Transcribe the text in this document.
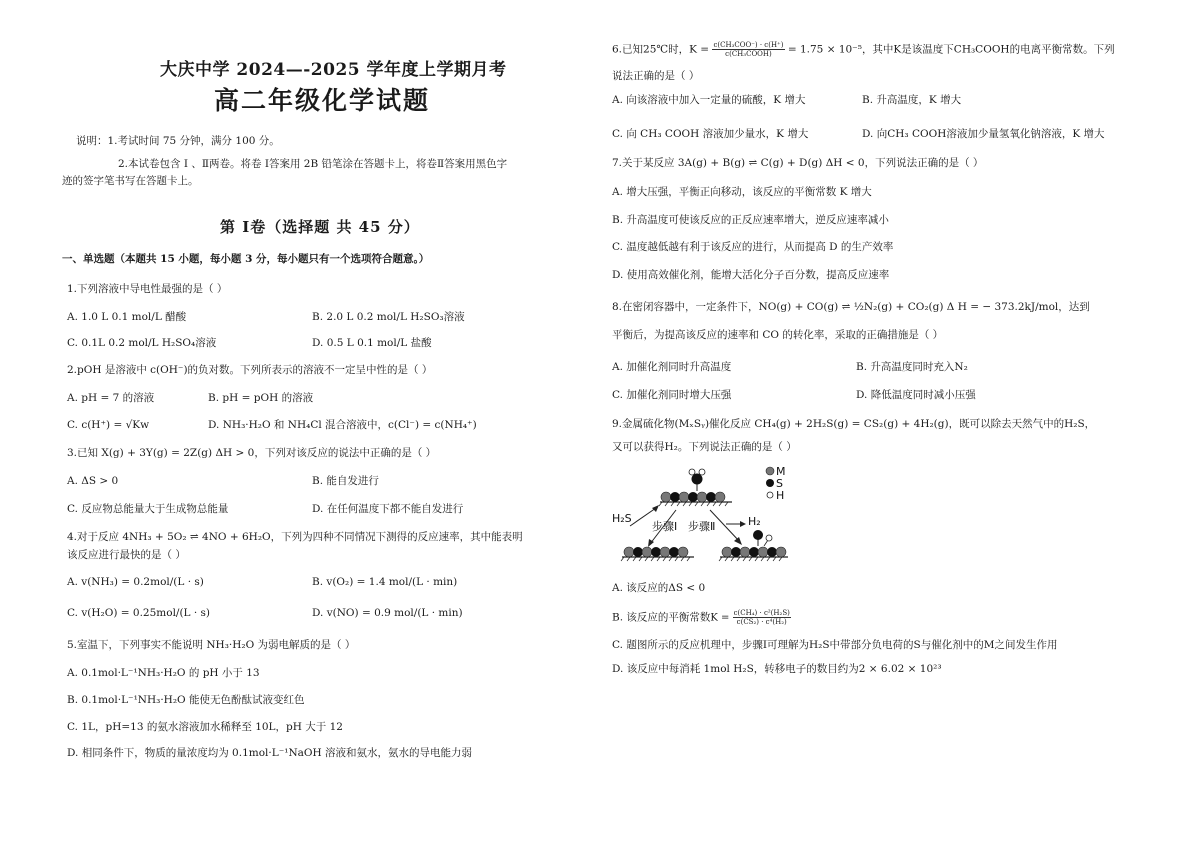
大庆中学 2024—-2025 学年度上学期月考
高二年级化学试题
说明：1.考试时间 75 分钟，满分 100 分。
2.本试卷包含 Ⅰ 、Ⅱ两卷。将卷 Ⅰ答案用 2B 铅笔涂在答题卡上，将卷Ⅱ答案用黑色字
迹的签字笔书写在答题卡上。
第 Ⅰ卷（选择题 共 45 分）
一、单选题（本题共 15 小题，每小题 3 分，每小题只有一个选项符合题意。）
1.下列溶液中导电性最强的是（ ）
A. 1.0 L 0.1 mol/L 醋酸	B. 2.0 L 0.2 mol/L H₂SO₃溶液
C. 0.1L 0.2 mol/L H₂SO₄溶液	D. 0.5 L 0.1 mol/L 盐酸
2.pOH 是溶液中 c(OH⁻)的负对数。下列所表示的溶液不一定呈中性的是（ ）
A. pH = 7 的溶液	B. pH = pOH 的溶液
C. c(H⁺) = √Kw	D. NH₃·H₂O 和 NH₄Cl 混合溶液中，c(Cl⁻) = c(NH₄⁺)
3.已知 X(g) + 3Y(g) = 2Z(g) ΔH > 0，下列对该反应的说法中正确的是（ ）
A. ΔS > 0	B. 能自发进行
C. 反应物总能量大于生成物总能量	D. 在任何温度下都不能自发进行
4.对于反应 4NH₃ + 5O₂ ⇌ 4NO + 6H₂O，下列为四种不同情况下测得的反应速率，其中能表明
该反应进行最快的是（ ）
A. v(NH₃) = 0.2mol/(L · s)	B. v(O₂) = 1.4 mol/(L · min)
C. v(H₂O) = 0.25mol/(L · s)	D. v(NO) = 0.9 mol/(L · min)
5.室温下，下列事实不能说明 NH₃·H₂O 为弱电解质的是（ ）
A. 0.1mol·L⁻¹NH₃·H₂O 的 pH 小于 13
B. 0.1mol·L⁻¹NH₃·H₂O 能使无色酚酞试液变红色
C. 1L，pH=13 的氨水溶液加水稀释至 10L，pH 大于 12
D. 相同条件下，物质的量浓度均为 0.1mol·L⁻¹NaOH 溶液和氨水，氨水的导电能力弱
6.已知25℃时，$K = \frac{\text{c(CH₃COO⁻) · c(H⁺)}}{\text{c(CH₃COOH)}} = 1.75 \times 10^{-5}$，其中K是该温度下CH₃COOH的电离平衡常数。下列
说法正确的是（ ）
A. 向该溶液中加入一定量的硫酸，K 增大	B. 升高温度，K 增大
C. 向 CH₃ COOH 溶液加少量水，K 增大	D. 向CH₃ COOH溶液加少量氢氧化钠溶液，K 增大
7.关于某反应 3A(g) + B(g) ⇌ C(g) + D(g) ΔH < 0，下列说法正确的是（ ）
A. 增大压强，平衡正向移动，该反应的平衡常数 K 增大
B. 升高温度可使该反应的正反应速率增大，逆反应速率减小
C. 温度越低越有利于该反应的进行，从而提高 D 的生产效率
D. 使用高效催化剂，能增大活化分子百分数，提高反应速率
8.在密闭容器中，一定条件下，NO(g) + CO(g) ⇌ ½N₂(g) + CO₂(g) Δ H = − 373.2kJ/mol，达到
平衡后，为提高该反应的速率和 CO 的转化率，采取的正确措施是（ ）
A. 加催化剂同时升高温度	B. 升高温度同时充入N₂
C. 加催化剂同时增大压强	D. 降低温度同时减小压强
9.金属硫化物(MₓSᵧ)催化反应 CH₄(g) + 2H₂S(g) = CS₂(g) + 4H₂(g)，既可以除去天然气中的H₂S，
又可以获得H₂。下列说法正确的是（ ）
A. 该反应的ΔS < 0
B. 该反应的平衡常数$K = \frac{\text{c(CH₄) · c²(H₂S)}}{\text{c(CS₂) · c⁴(H₂)}}$
C. 题图所示的反应机理中，步骤Ⅰ可理解为H₂S中带部分负电荷的S与催化剂中的M之间发生作用
D. 该反应中每消耗 1mol H₂S，转移电子的数目约为2 × 6.02 × 10²³
M
S
H
H₂S	H₂
步骤Ⅰ 步骤Ⅱ
